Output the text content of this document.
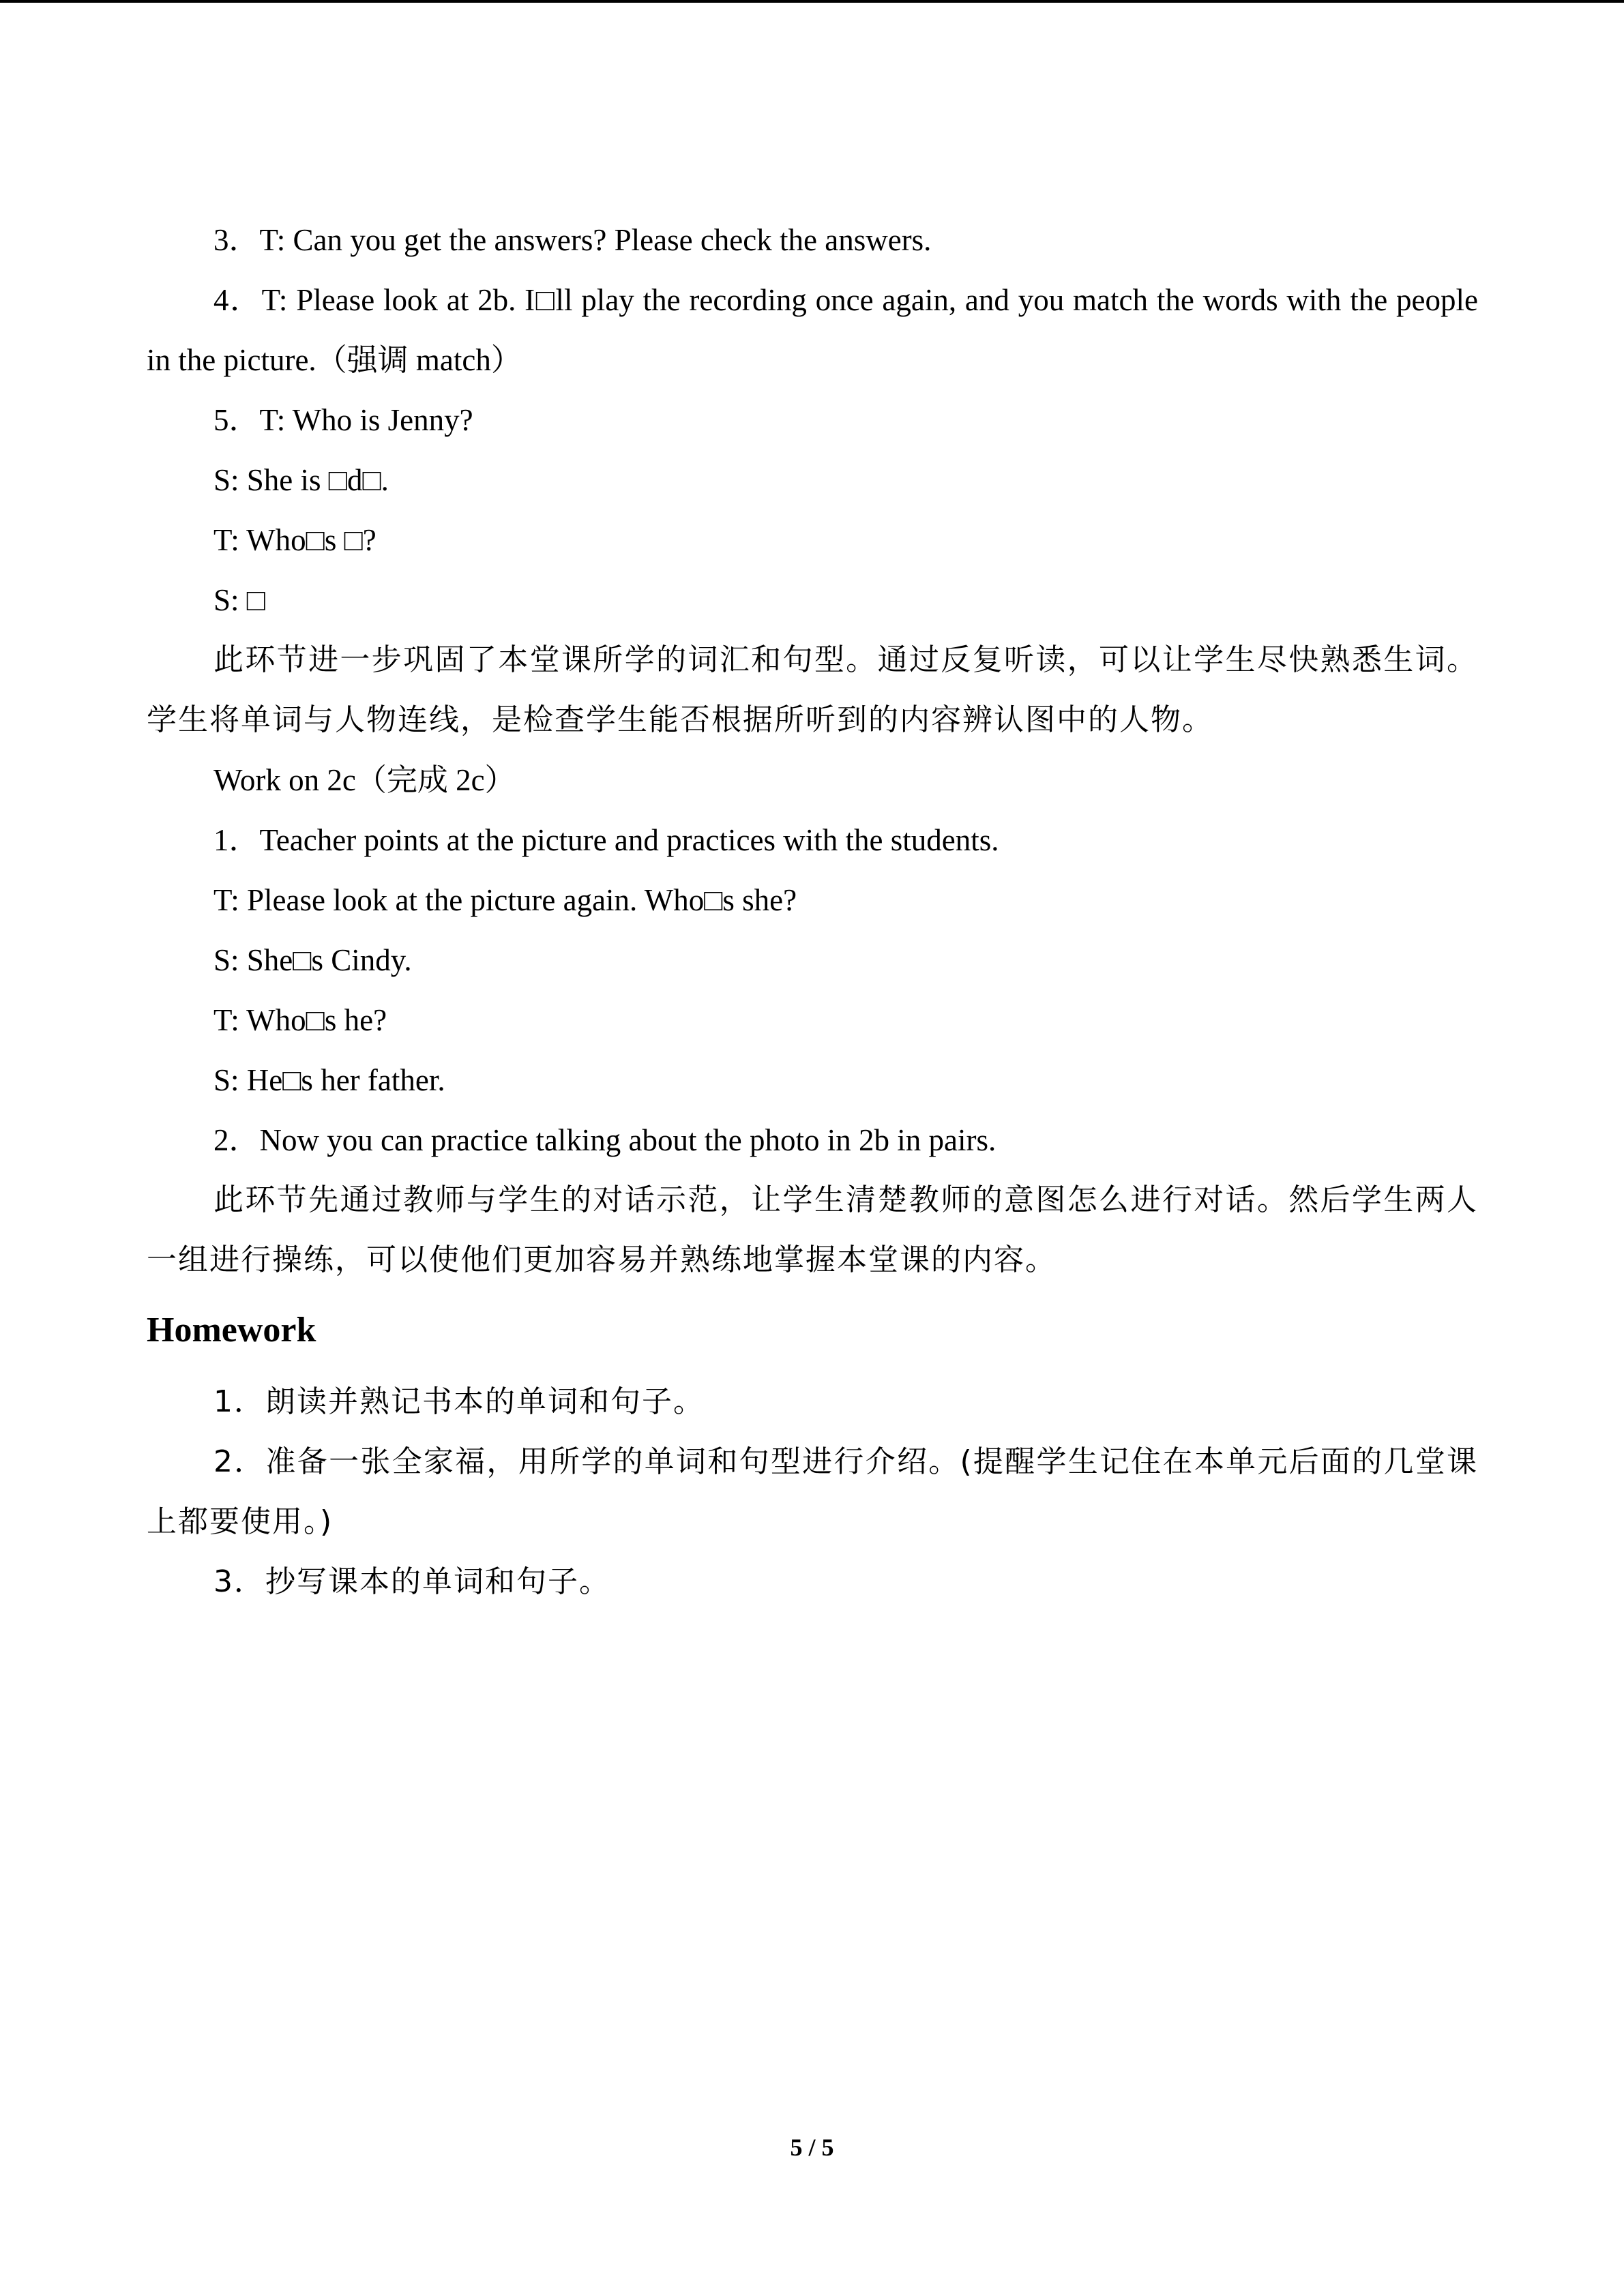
3．T: Can you get the answers? Please check the answers.

4．T: Please look at 2b. I□ll play the recording once again, and you match the words with the people in the picture.（强调 match）

5．T: Who is Jenny?

S: She is □d□.

T: Who□s □?

S: □

此环节进一步巩固了本堂课所学的词汇和句型。通过反复听读，可以让学生尽快熟悉生词。学生将单词与人物连线，是检查学生能否根据所听到的内容辨认图中的人物。

Work on 2c（完成 2c）

1．Teacher points at the picture and practices with the students.

T: Please look at the picture again. Who□s she?

S: She□s Cindy.

T: Who□s he?

S: He□s her father.

2．Now you can practice talking about the photo in 2b in pairs.

此环节先通过教师与学生的对话示范，让学生清楚教师的意图怎么进行对话。然后学生两人一组进行操练，可以使他们更加容易并熟练地掌握本堂课的内容。

Homework

1．朗读并熟记书本的单词和句子。

2．准备一张全家福，用所学的单词和句型进行介绍。(提醒学生记住在本单元后面的几堂课上都要使用。)

3．抄写课本的单词和句子。

5 / 5
